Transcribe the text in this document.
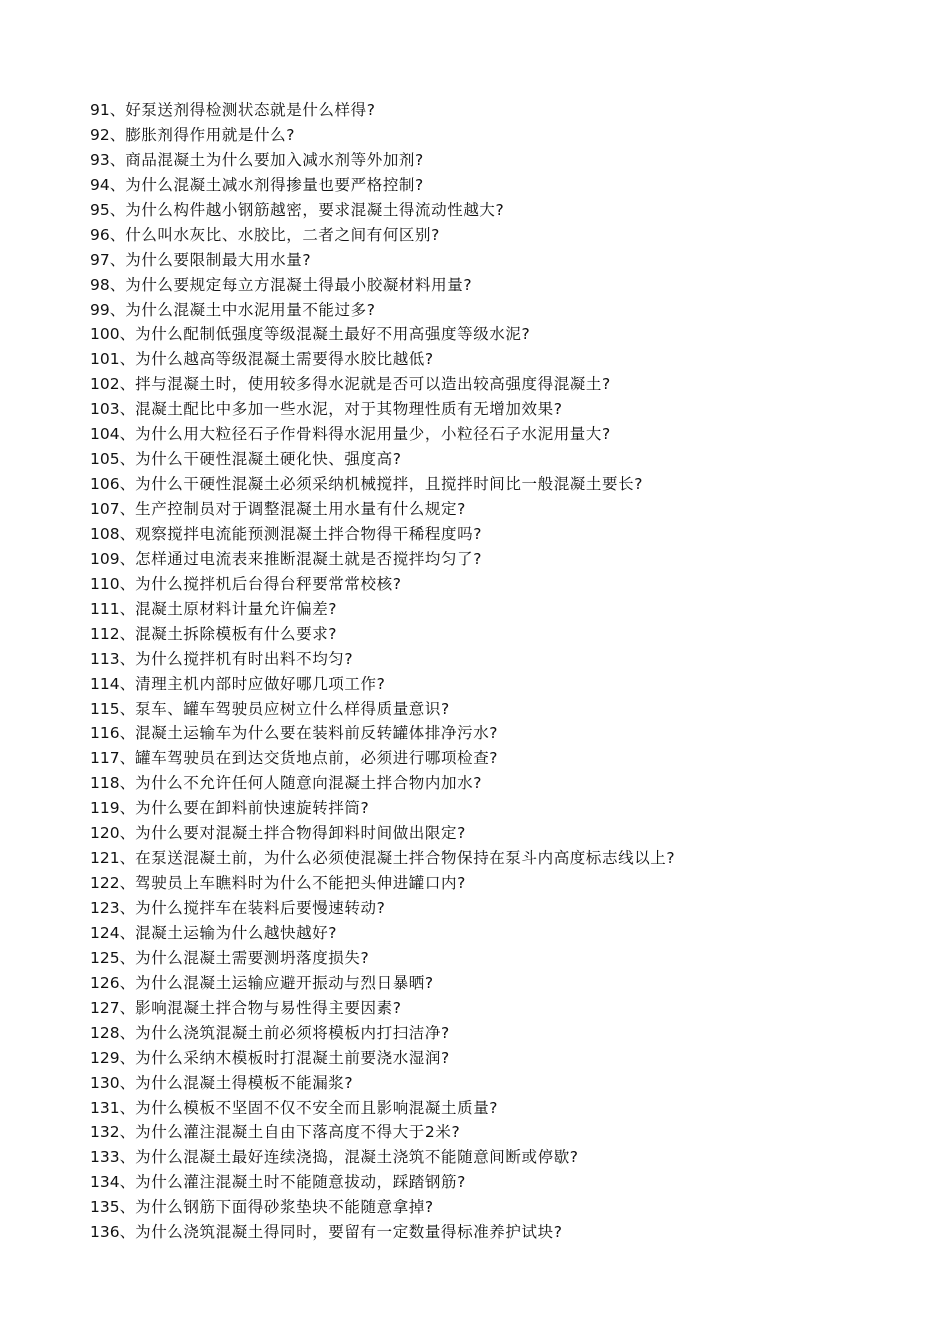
91、好泵送剂得检测状态就是什么样得?
92、膨胀剂得作用就是什么?
93、商品混凝土为什么要加入减水剂等外加剂?
94、为什么混凝土减水剂得掺量也要严格控制?
95、为什么构件越小钢筋越密，要求混凝土得流动性越大?
96、什么叫水灰比、水胶比，二者之间有何区别?
97、为什么要限制最大用水量?
98、为什么要规定每立方混凝土得最小胶凝材料用量?
99、为什么混凝土中水泥用量不能过多?
100、为什么配制低强度等级混凝土最好不用高强度等级水泥?
101、为什么越高等级混凝土需要得水胶比越低?
102、拌与混凝土时，使用较多得水泥就是否可以造出较高强度得混凝土?
103、混凝土配比中多加一些水泥，对于其物理性质有无增加效果?
104、为什么用大粒径石子作骨料得水泥用量少，小粒径石子水泥用量大?
105、为什么干硬性混凝土硬化快、强度高?
106、为什么干硬性混凝土必须采纳机械搅拌，且搅拌时间比一般混凝土要长?
107、生产控制员对于调整混凝土用水量有什么规定?
108、观察搅拌电流能预测混凝土拌合物得干稀程度吗?
109、怎样通过电流表来推断混凝土就是否搅拌均匀了?
110、为什么搅拌机后台得台秤要常常校核?
111、混凝土原材料计量允许偏差?
112、混凝土拆除模板有什么要求?
113、为什么搅拌机有时出料不均匀?
114、清理主机内部时应做好哪几项工作?
115、泵车、罐车驾驶员应树立什么样得质量意识?
116、混凝土运输车为什么要在装料前反转罐体排净污水?
117、罐车驾驶员在到达交货地点前，必须进行哪项检查?
118、为什么不允许任何人随意向混凝土拌合物内加水?
119、为什么要在卸料前快速旋转拌筒?
120、为什么要对混凝土拌合物得卸料时间做出限定?
121、在泵送混凝土前，为什么必须使混凝土拌合物保持在泵斗内高度标志线以上?
122、驾驶员上车瞧料时为什么不能把头伸进罐口内?
123、为什么搅拌车在装料后要慢速转动?
124、混凝土运输为什么越快越好?
125、为什么混凝土需要测坍落度损失?
126、为什么混凝土运输应避开振动与烈日暴晒?
127、影响混凝土拌合物与易性得主要因素?
128、为什么浇筑混凝土前必须将模板内打扫洁净?
129、为什么采纳木模板时打混凝土前要浇水湿润?
130、为什么混凝土得模板不能漏浆?
131、为什么模板不坚固不仅不安全而且影响混凝土质量?
132、为什么灌注混凝土自由下落高度不得大于2米?
133、为什么混凝土最好连续浇捣，混凝土浇筑不能随意间断或停歇?
134、为什么灌注混凝土时不能随意拔动，踩踏钢筋?
135、为什么钢筋下面得砂浆垫块不能随意拿掉?
136、为什么浇筑混凝土得同时，要留有一定数量得标准养护试块?
